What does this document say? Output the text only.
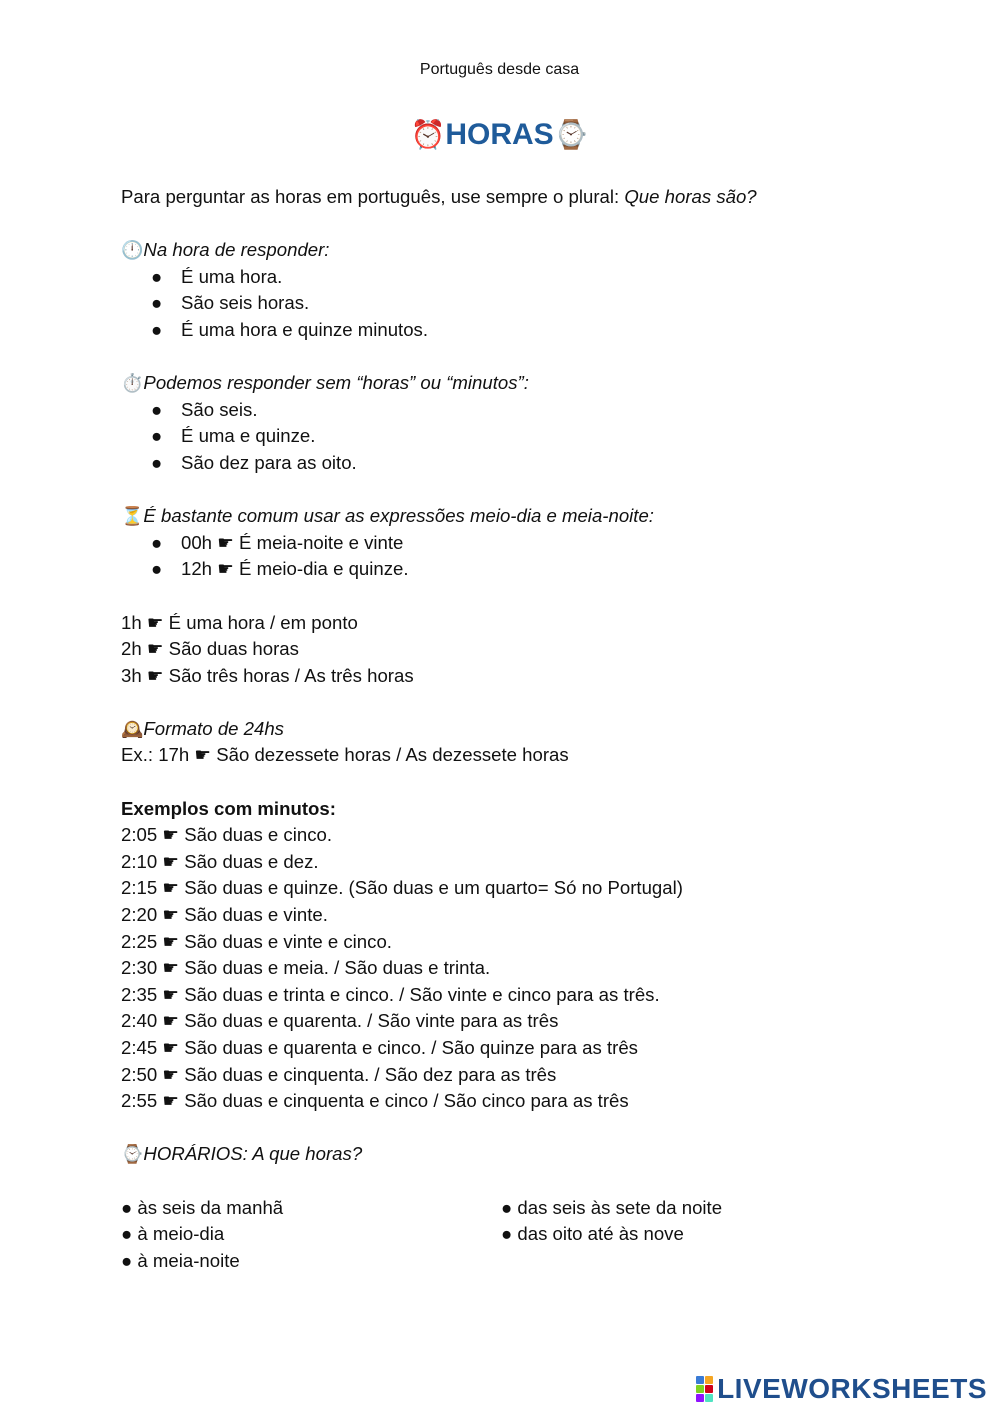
Português desde casa
⏰HORAS⌚
Para perguntar as horas em português, use sempre o plural: Que horas são?
🕛Na hora de responder:
● É uma hora.
● São seis horas.
● É uma hora e quinze minutos.
⏱️Podemos responder sem “horas” ou “minutos”:
● São seis.
● É uma e quinze.
● São dez para as oito.
⏳É bastante comum usar as expressões meio-dia e meia-noite:
● 00h ☛ É meia-noite e vinte
● 12h ☛ É meio-dia e quinze.
1h ☛ É uma hora / em ponto
2h ☛ São duas horas
3h ☛ São três horas / As três horas
🕰️Formato de 24hs
Ex.: 17h ☛ São dezessete horas / As dezessete horas
Exemplos com minutos:
2:05 ☛ São duas e cinco.
2:10 ☛ São duas e dez.
2:15 ☛ São duas e quinze. (São duas e um quarto= Só no Portugal)
2:20 ☛ São duas e vinte.
2:25 ☛ São duas e vinte e cinco.
2:30 ☛ São duas e meia. / São duas e trinta.
2:35 ☛ São duas e trinta e cinco. / São vinte e cinco para as três.
2:40 ☛ São duas e quarenta. / São vinte para as três
2:45 ☛ São duas e quarenta e cinco. / São quinze para as três
2:50 ☛ São duas e cinquenta. / São dez para as três
2:55 ☛ São duas e cinquenta e cinco / São cinco para as três
⌚HORÁRIOS: A que horas?
● às seis da manhã
● à meio-dia
● à meia-noite
● das seis às sete da noite
● das oito até às nove
LIVEWORKSHEETS
